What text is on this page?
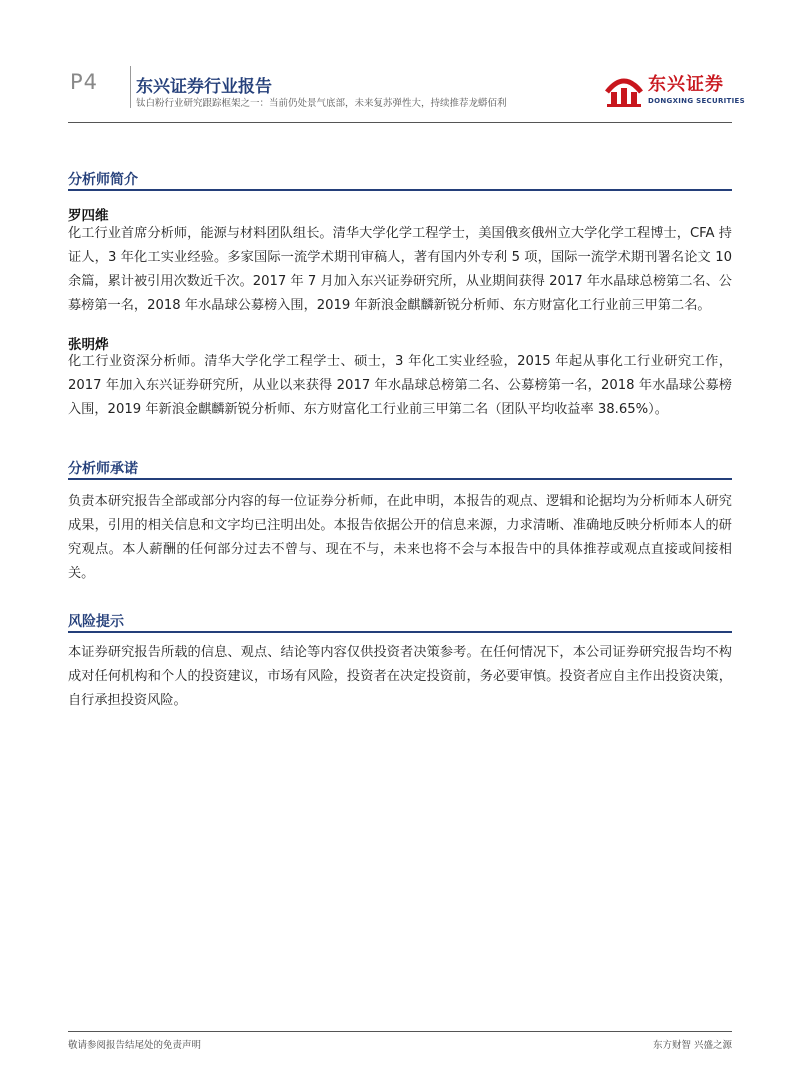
P4 东兴证券行业报告
钛白粉行业研究跟踪框架之一：当前仍处景气底部，未来复苏弹性大，持续推荐龙蟒佰利
东兴证券
DONGXING SECURITIES
分析师简介
罗四维
化工行业首席分析师，能源与材料团队组长。清华大学化学工程学士，美国俄亥俄州立大学化学工程博士，CFA 持证人，3 年化工实业经验。多家国际一流学术期刊审稿人，著有国内外专利 5 项，国际一流学术期刊署名论文 10 余篇，累计被引用次数近千次。2017 年 7 月加入东兴证券研究所，从业期间获得 2017 年水晶球总榜第二名、公募榜第一名，2018 年水晶球公募榜入围，2019 年新浪金麒麟新锐分析师、东方财富化工行业前三甲第二名。
张明烨
化工行业资深分析师。清华大学化学工程学士、硕士，3 年化工实业经验，2015 年起从事化工行业研究工作，2017 年加入东兴证券研究所，从业以来获得 2017 年水晶球总榜第二名、公募榜第一名，2018 年水晶球公募榜入围，2019 年新浪金麒麟新锐分析师、东方财富化工行业前三甲第二名（团队平均收益率 38.65%）。
分析师承诺
负责本研究报告全部或部分内容的每一位证券分析师，在此申明，本报告的观点、逻辑和论据均为分析师本人研究成果，引用的相关信息和文字均已注明出处。本报告依据公开的信息来源，力求清晰、准确地反映分析师本人的研究观点。本人薪酬的任何部分过去不曾与、现在不与，未来也将不会与本报告中的具体推荐或观点直接或间接相关。
风险提示
本证券研究报告所载的信息、观点、结论等内容仅供投资者决策参考。在任何情况下，本公司证券研究报告均不构成对任何机构和个人的投资建议，市场有风险，投资者在决定投资前，务必要审慎。投资者应自主作出投资决策，自行承担投资风险。
敬请参阅报告结尾处的免责声明	东方财智 兴盛之源
